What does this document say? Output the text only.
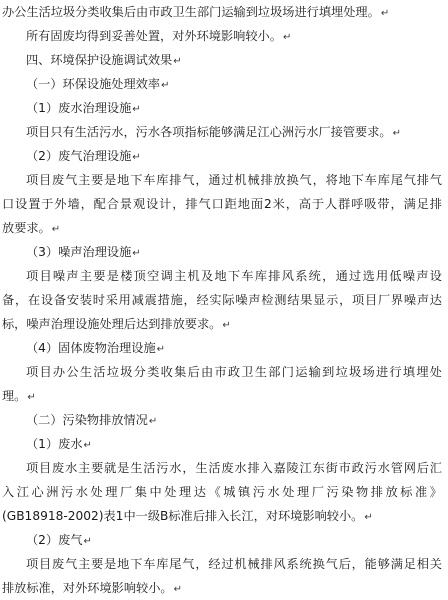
办公生活垃圾分类收集后由市政卫生部门运输到垃圾场进行填埋处理。↵
所有固废均得到妥善处置，对外环境影响较小。↵
四、环境保护设施调试效果↵
（一）环保设施处理效率↵
（1）废水治理设施↵
项目只有生活污水，污水各项指标能够满足江心洲污水厂接管要求。↵
（2）废气治理设施↵
项目废气主要是地下车库排气，通过机械排放换气，将地下车库尾气排气
口设置于外墙，配合景观设计，排气口距地面2米，高于人群呼吸带，满足排
放要求。↵
（3）噪声治理设施↵
项目噪声主要是楼顶空调主机及地下车库排风系统，通过选用低噪声设
备，在设备安装时采用减震措施，经实际噪声检测结果显示，项目厂界噪声达
标，噪声治理设施处理后达到排放要求。↵
（4）固体废物治理设施↵
项目办公生活垃圾分类收集后由市政卫生部门运输到垃圾场进行填埋处
理。↵
（二）污染物排放情况↵
（1）废水↵
项目废水主要就是生活污水，生活废水排入嘉陵江东街市政污水管网后汇
入江心洲污水处理厂集中处理达《城镇污水处理厂污染物排放标准》
(GB18918-2002)表1中一级B标准后排入长江，对环境影响较小。↵
（2）废气↵
项目废气主要是地下车库尾气，经过机械排风系统换气后，能够满足相关
排放标准，对外环境影响较小。↵
